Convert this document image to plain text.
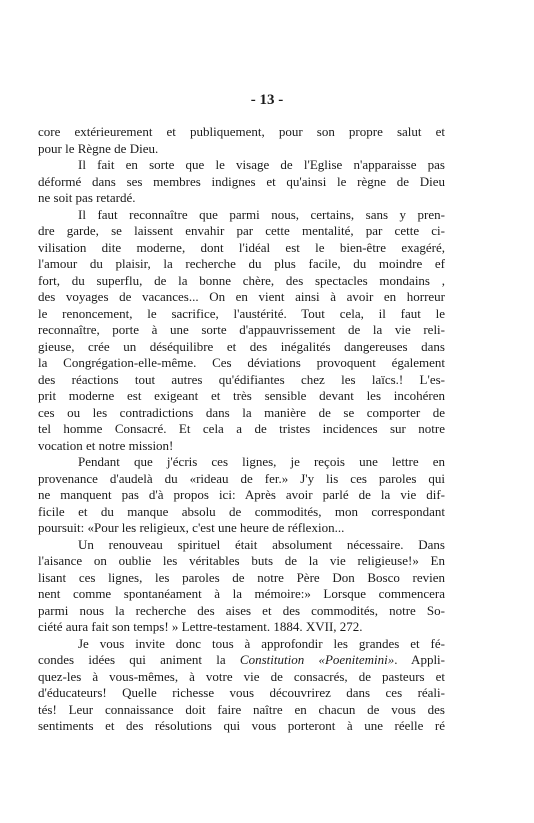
- 13 -
core extérieurement et publiquement, pour son propre salut et
pour le Règne de Dieu.
Il fait en sorte que le visage de l'Eglise n'apparaisse pas
déformé dans ses membres indignes et qu'ainsi le règne de Dieu
ne soit pas retardé.
Il faut reconnaître que parmi nous, certains, sans y pren-
dre garde, se laissent envahir par cette mentalité, par cette ci-
vilisation dite moderne, dont l'idéal est le bien-être exagéré,
l'amour du plaisir, la recherche du plus facile, du moindre ef
fort, du superflu, de la bonne chère, des spectacles mondains ,
des voyages de vacances... On en vient ainsi à avoir en horreur
le renoncement, le sacrifice, l'austérité. Tout cela, il faut le
reconnaître, porte à une sorte d'appauvrissement de la vie reli-
gieuse, crée un déséquilibre et des inégalités dangereuses dans
la Congrégation-elle-même. Ces déviations provoquent également
des réactions tout autres qu'édifiantes chez les laïcs.! L'es-
prit moderne est exigeant et très sensible devant les incohéren
ces ou les contradictions dans la manière de se comporter de
tel homme Consacré. Et cela a de tristes incidences sur notre
vocation et notre mission!
Pendant que j'écris ces lignes, je reçois une lettre en
provenance d'audelà du «rideau de fer.» J'y lis ces paroles qui
ne manquent pas d'à propos ici: Après avoir parlé de la vie dif-
ficile et du manque absolu de commodités, mon correspondant
poursuit: «Pour les religieux, c'est une heure de réflexion...
Un renouveau spirituel était absolument nécessaire. Dans
l'aisance on oublie les véritables buts de la vie religieuse!» En
lisant ces lignes, les paroles de notre Père Don Bosco revien
nent comme spontanéament à la mémoire:» Lorsque commencera
parmi nous la recherche des aises et des commodités, notre So-
ciété aura fait son temps! » Lettre-testament. 1884. XVII, 272.
Je vous invite donc tous à approfondir les grandes et fé-
condes idées qui animent la Constitution «Poenitemini». Appli-
quez-les à vous-mêmes, à votre vie de consacrés, de pasteurs et
d'éducateurs! Quelle richesse vous découvrirez dans ces réali-
tés! Leur connaissance doit faire naître en chacun de vous des
sentiments et des résolutions qui vous porteront à une réelle ré
